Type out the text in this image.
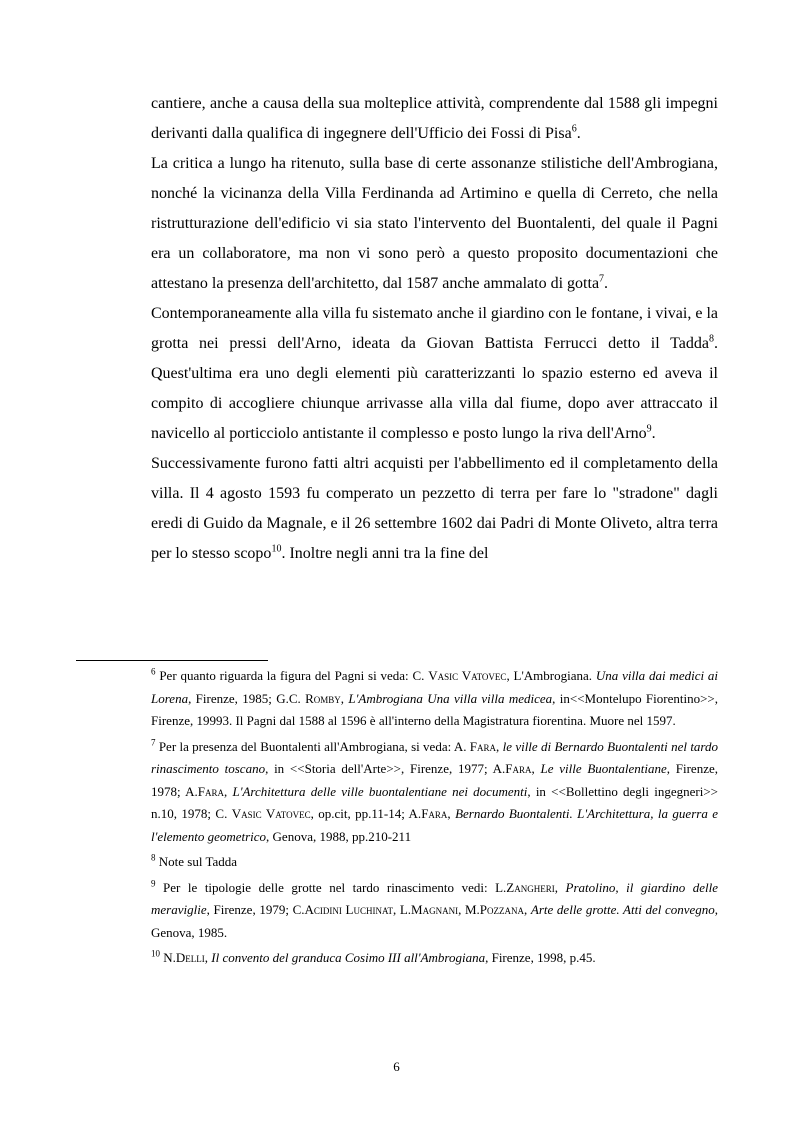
cantiere, anche a causa della sua molteplice attività, comprendente dal 1588 gli impegni derivanti dalla qualifica di ingegnere dell'Ufficio dei Fossi di Pisa$^6$.

La critica a lungo ha ritenuto, sulla base di certe assonanze stilistiche dell'Ambrogiana, nonché la vicinanza della Villa Ferdinanda ad Artimino e quella di Cerreto, che nella ristrutturazione dell'edificio vi sia stato l'intervento del Buontalenti, del quale il Pagni era un collaboratore, ma non vi sono però a questo proposito documentazioni che attestano la presenza dell'architetto, dal 1587 anche ammalato di gotta$^7$.

Contemporaneamente alla villa fu sistemato anche il giardino con le fontane, i vivai, e la grotta nei pressi dell'Arno, ideata da Giovan Battista Ferrucci detto il Tadda$^8$. Quest'ultima era uno degli elementi più caratterizzanti lo spazio esterno ed aveva il compito di accogliere chiunque arrivasse alla villa dal fiume, dopo aver attraccato il navicello al porticciolo antistante il complesso e posto lungo la riva dell'Arno$^9$.

Successivamente furono fatti altri acquisti per l'abbellimento ed il completamento della villa. Il 4 agosto 1593 fu comperato un pezzetto di terra per fare lo "stradone" dagli eredi di Guido da Magnale, e il 26 settembre 1602 dai Padri di Monte Oliveto, altra terra per lo stesso scopo$^{10}$. Inoltre negli anni tra la fine del

$^6$ Per quanto riguarda la figura del Pagni si veda: C. Vasic Vatovec, L'Ambrogiana. Una villa dai medici ai Lorena, Firenze, 1985; G.C. Romby, L'Ambrogiana Una villa villa medicea, in<<Montelupo Fiorentino>>, Firenze, 19993. Il Pagni dal 1588 al 1596 è all'interno della Magistratura fiorentina. Muore nel 1597.

$^7$ Per la presenza del Buontalenti all'Ambrogiana, si veda: A. Fara, le ville di Bernardo Buontalenti nel tardo rinascimento toscano, in <<Storia dell'Arte>>, Firenze, 1977; A.Fara, Le ville Buontalentiane, Firenze, 1978; A.Fara, L'Architettura delle ville buontalentiane nei documenti, in <<Bollettino degli ingegneri>> n.10, 1978; C. Vasic Vatovec, op.cit, pp.11-14; A.Fara, Bernardo Buontalenti. L'Architettura, la guerra e l'elemento geometrico, Genova, 1988, pp.210-211

$^8$ Note sul Tadda

$^9$ Per le tipologie delle grotte nel tardo rinascimento vedi: L.Zangheri, Pratolino, il giardino delle meraviglie, Firenze, 1979; C.Acidini Luchinat, L.Magnani, M.Pozzana, Arte delle grotte. Atti del convegno, Genova, 1985.

$^{10}$ N.Delli, Il convento del granduca Cosimo III all'Ambrogiana, Firenze, 1998, p.45.

6
